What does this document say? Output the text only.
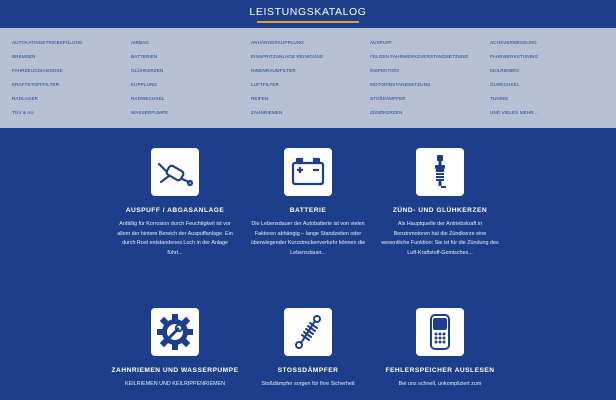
LEISTUNGSKATALOG
AUTOKATINGETRIEBSPÜLUNG
BREMSEN
FAHRZEUGDIAGNOSE
KRAFTSTOFFFILTER
RADLAGER
TÜV & AU
AIRBAG
BATTERIEN
GLÜHKERZEN
KUPPLUNG
RADWECHSEL
WASSERPUMPE
ANHÄNGERKUPPLUNG
EINSPRITZANLAGE REINIGUNG
INNENRAUMFILTER
LUFTFILTER
REIFEN
ZAHNRIEMEN
AUSPUFF
FELGEN FAHRWERKSVERSTANDSETZUNG
INSPEKTION
MOTORINSTANDSETZUNG
STOßDÄMPFER
ZÜNDKERZEN
ACHSVERMESSUNG
FAHRWERKSTUNING
KEILRIEMEN
ÖLWECHSEL
TUNING
UND VIELES MEHR...
AUSPUFF / ABGASANLAGE
Anfällig für Korrosion durch Feuchtigkeit ist vor allem der hintere Bereich der Auspuffanlage. Ein durch Rost entstandenes Loch in der Anlage führt...
BATTERIE
Die Lebensdauer der Autobatterie ist von vielen Faktoren abhängig – lange Standzeiten oder überwiegender Kurzstreckenverkehr können die Lebensdauer...
ZÜND- UND GLÜHKERZEN
Als Hauptquelle der Antriebskraft in Benzinmotoren hat die Zündkerze eine wesentliche Funktion: Sie ist für die Zündung des Luft-Kraftstoff-Gemisches...
ZAHNRIEMEN UND WASSERPUMPE
KEILRIEMEN UND KEILRIPPENRIEMEN
STOSSDÄMPFER
Stoßdämpfer sorgen für Ihre Sicherheit
FEHLERSPEICHER AUSLESEN
Bei uns schnell, unkompliziert zum
